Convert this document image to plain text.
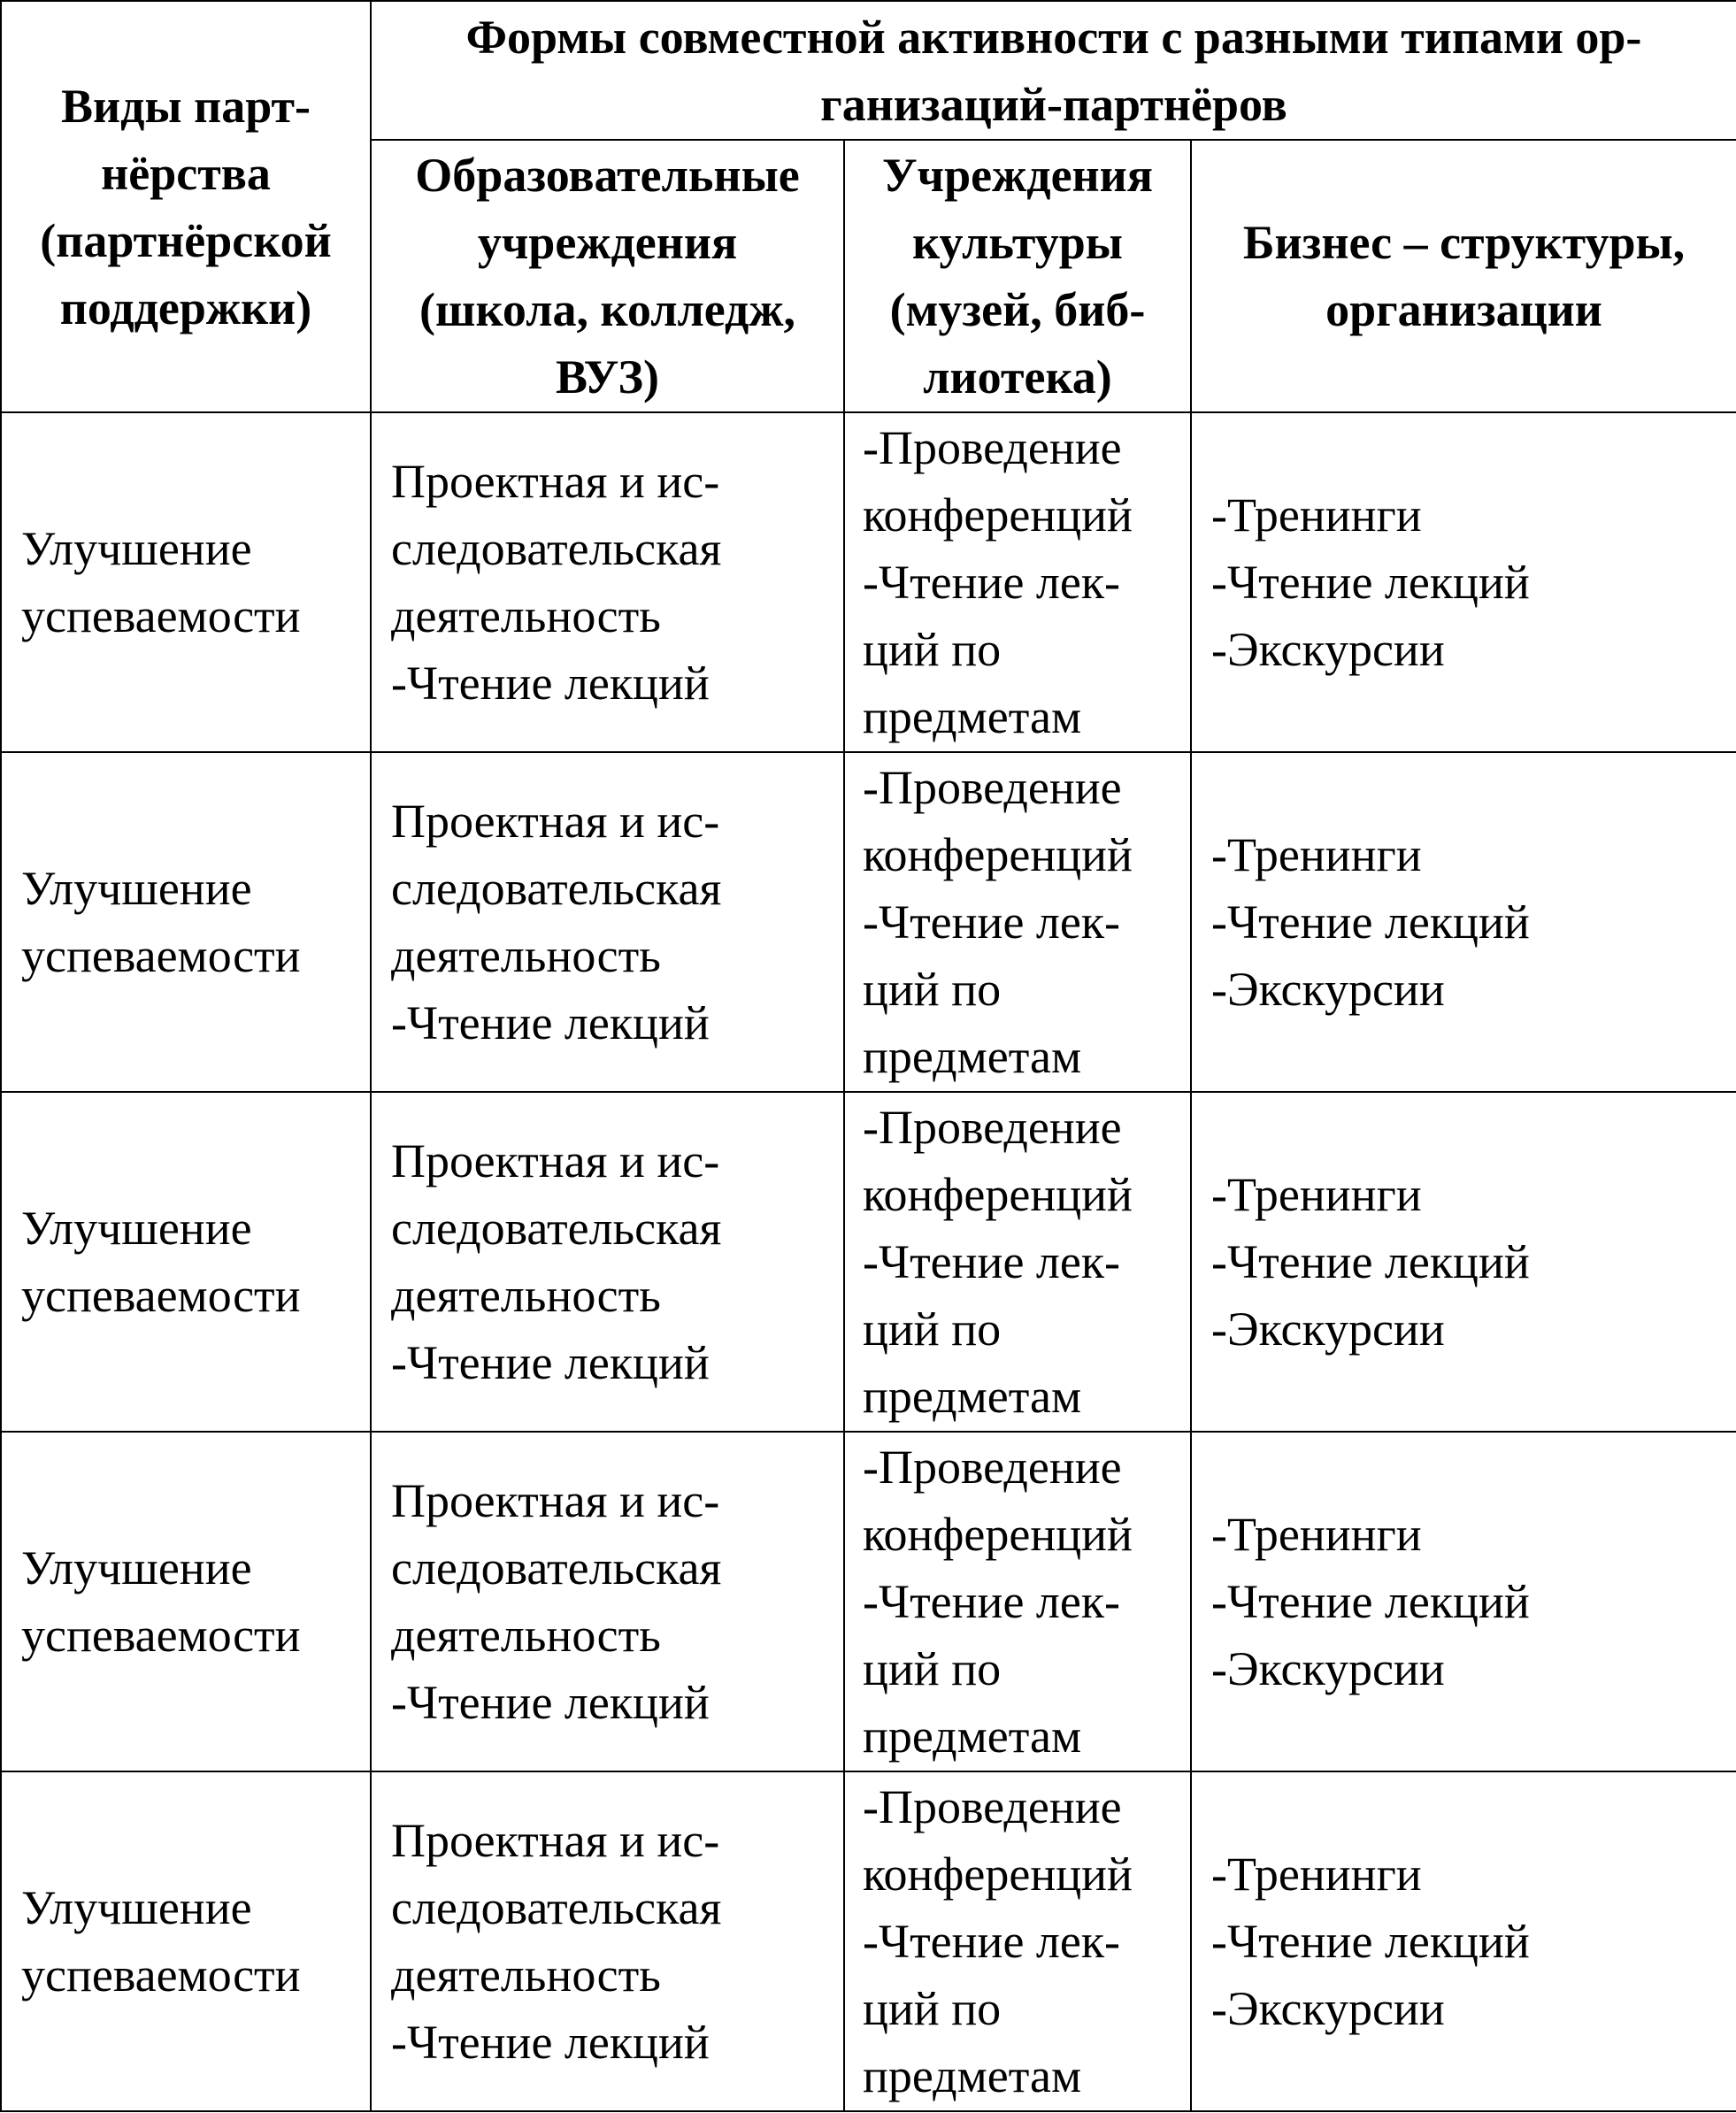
Виды парт-
нёрства
(партнёрской
поддержки)	Формы совместной активности с разными типами ор-
ганизаций-партнёров		

	Образовательные
учреждения
(школа, колледж,
ВУЗ)	Учреждения
культуры
(музей, биб-
лиотека)	Бизнес – структуры,
организации

Улучшение
успеваемости	Проектная и ис-
следовательская
деятельность
-Чтение лекций	-Проведение
конференций
-Чтение лек-
ций по
предметам	-Тренинги
-Чтение лекций
-Экскурсии

Улучшение
успеваемости	Проектная и ис-
следовательская
деятельность
-Чтение лекций	-Проведение
конференций
-Чтение лек-
ций по
предметам	-Тренинги
-Чтение лекций
-Экскурсии

Улучшение
успеваемости	Проектная и ис-
следовательская
деятельность
-Чтение лекций	-Проведение
конференций
-Чтение лек-
ций по
предметам	-Тренинги
-Чтение лекций
-Экскурсии

Улучшение
успеваемости	Проектная и ис-
следовательская
деятельность
-Чтение лекций	-Проведение
конференций
-Чтение лек-
ций по
предметам	-Тренинги
-Чтение лекций
-Экскурсии

Улучшение
успеваемости	Проектная и ис-
следовательская
деятельность
-Чтение лекций	-Проведение
конференций
-Чтение лек-
ций по
предметам	-Тренинги
-Чтение лекций
-Экскурсии
